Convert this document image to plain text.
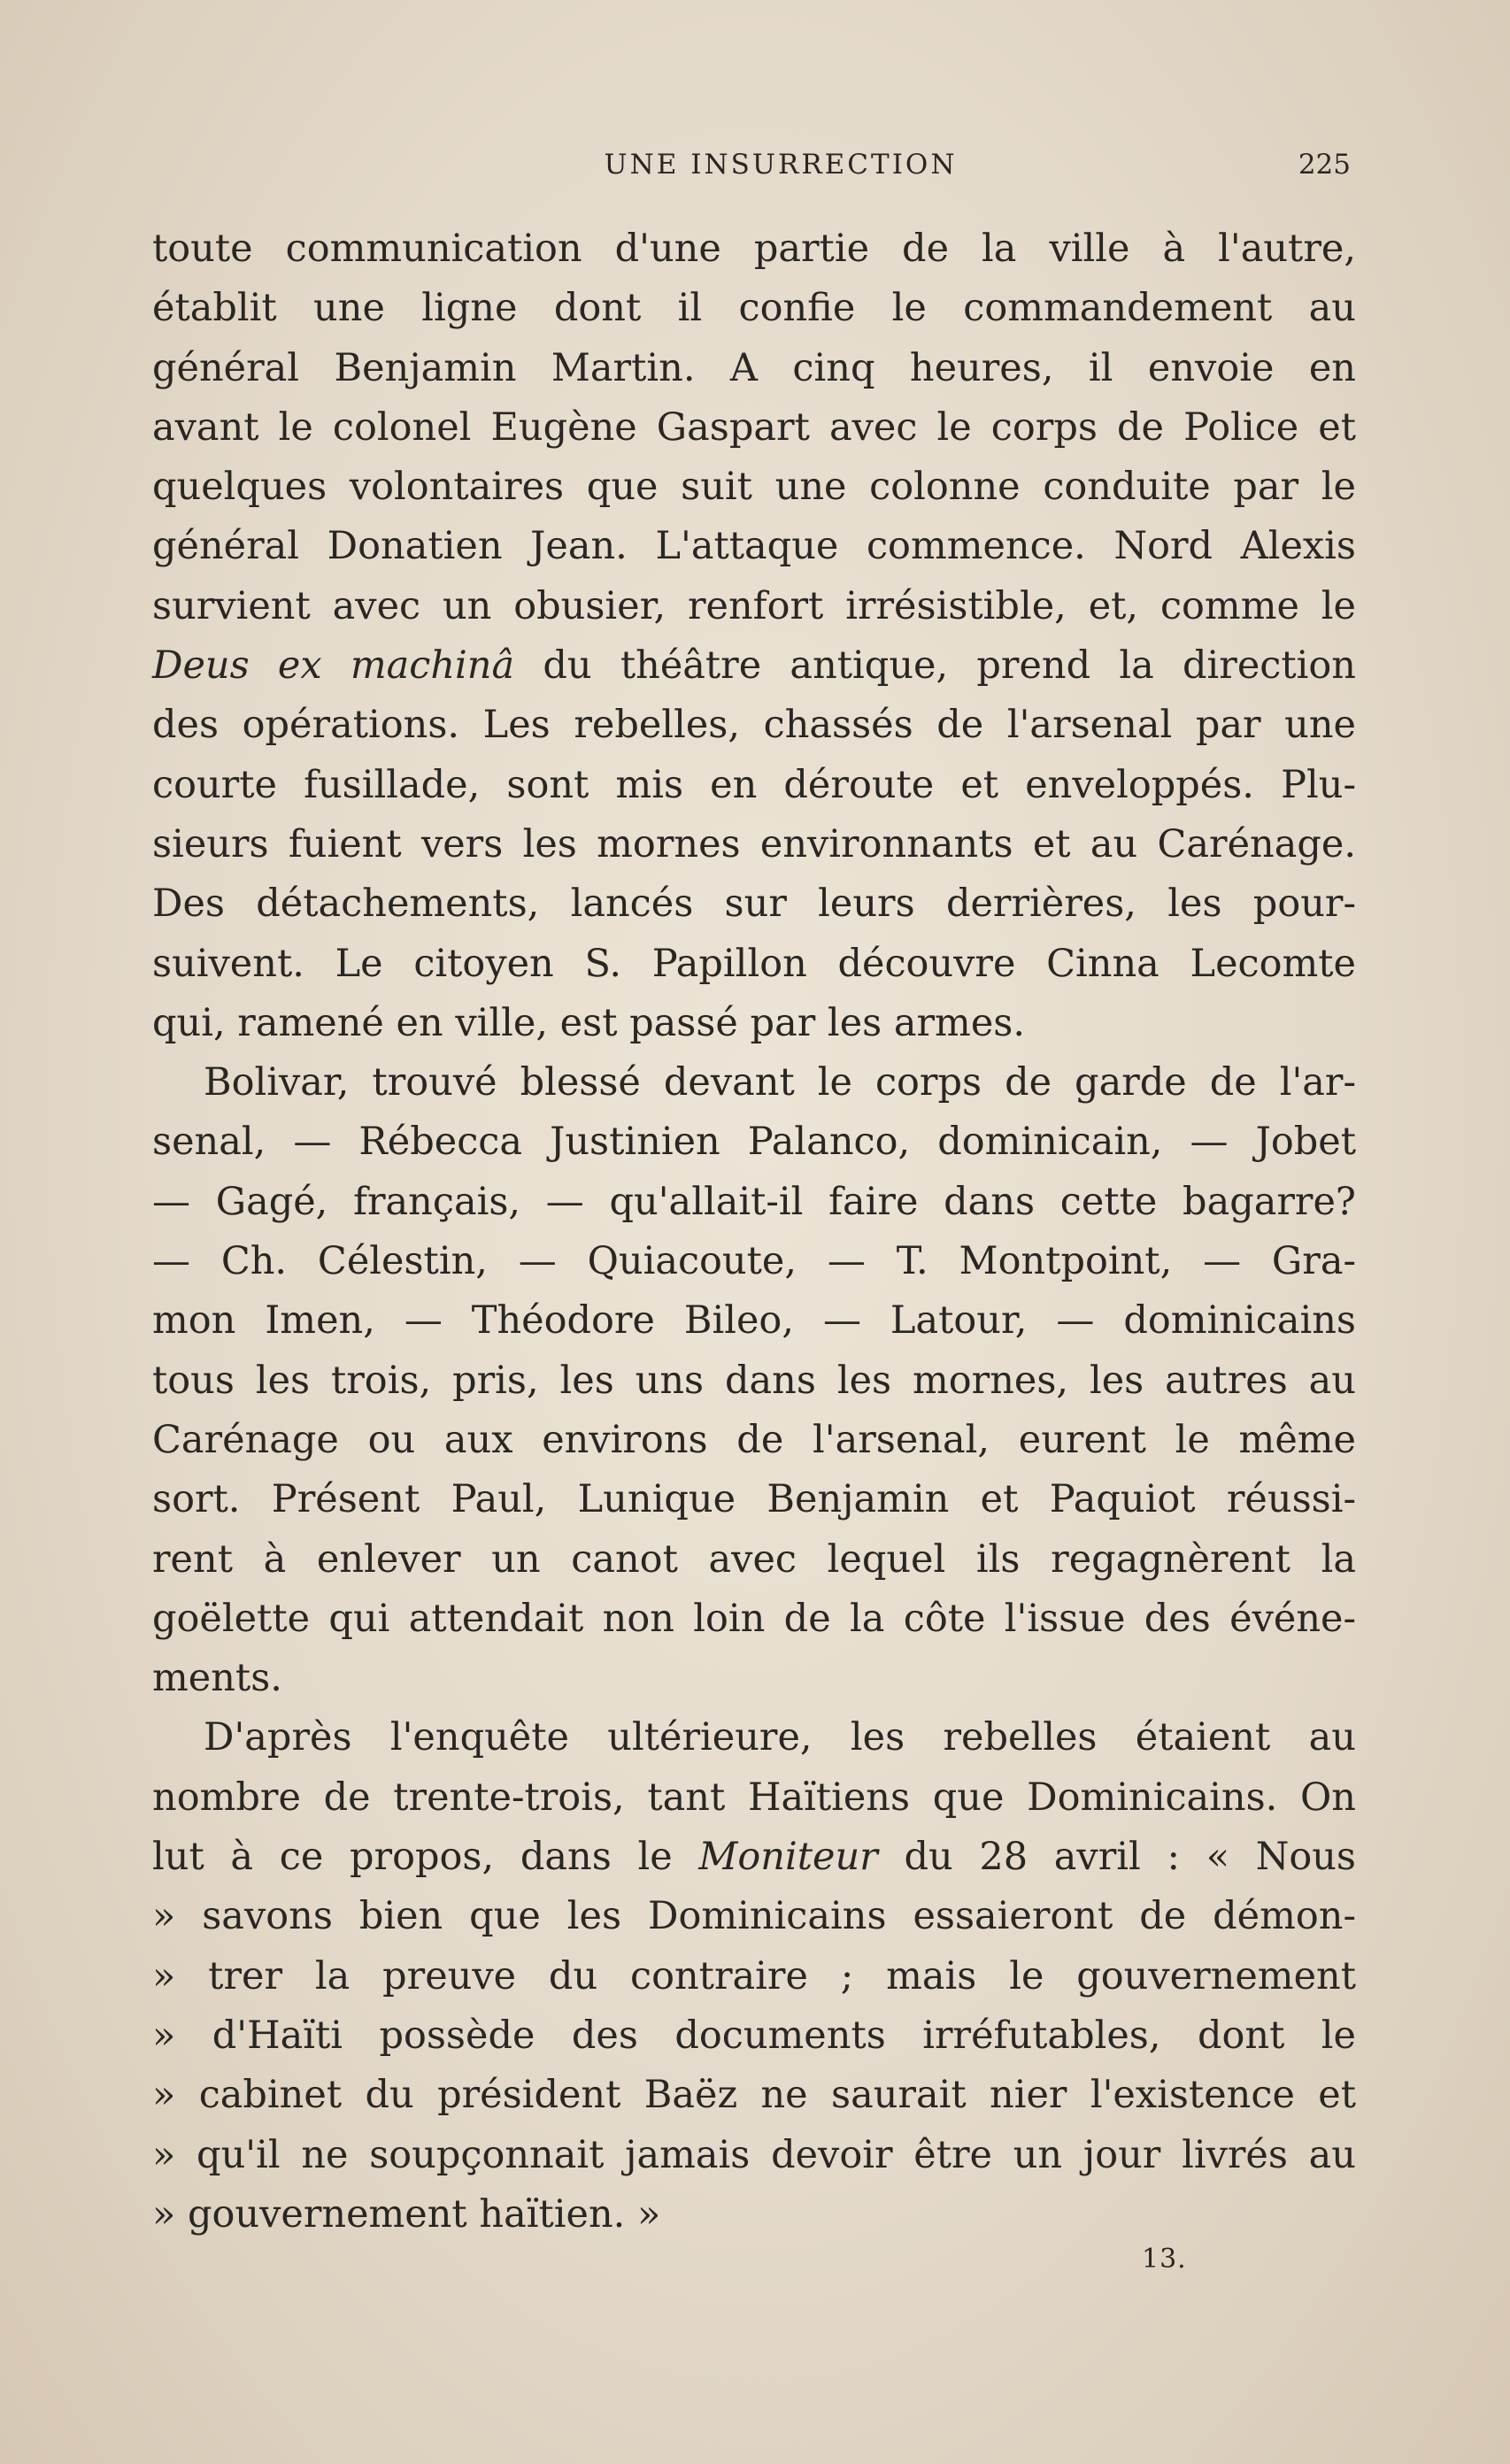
UNE INSURRECTION	225
toute communication d'une partie de la ville à l'autre,
établit une ligne dont il confie le commandement au
général Benjamin Martin. A cinq heures, il envoie en
avant le colonel Eugène Gaspart avec le corps de Police et
quelques volontaires que suit une colonne conduite par le
général Donatien Jean. L'attaque commence. Nord Alexis
survient avec un obusier, renfort irrésistible, et, comme le
Deus ex machinâ du théâtre antique, prend la direction
des opérations. Les rebelles, chassés de l'arsenal par une
courte fusillade, sont mis en déroute et enveloppés. Plu-
sieurs fuient vers les mornes environnants et au Carénage.
Des détachements, lancés sur leurs derrières, les pour-
suivent. Le citoyen S. Papillon découvre Cinna Lecomte
qui, ramené en ville, est passé par les armes.
Bolivar, trouvé blessé devant le corps de garde de l'ar-
senal, — Rébecca Justinien Palanco, dominicain, — Jobet
— Gagé, français, — qu'allait-il faire dans cette bagarre?
— Ch. Célestin, — Quiacoute, — T. Montpoint, — Gra-
mon Imen, — Théodore Bileo, — Latour, — dominicains
tous les trois, pris, les uns dans les mornes, les autres au
Carénage ou aux environs de l'arsenal, eurent le même
sort. Présent Paul, Lunique Benjamin et Paquiot réussi-
rent à enlever un canot avec lequel ils regagnèrent la
goëlette qui attendait non loin de la côte l'issue des événe-
ments.
D'après l'enquête ultérieure, les rebelles étaient au
nombre de trente-trois, tant Haïtiens que Dominicains. On
lut à ce propos, dans le Moniteur du 28 avril : « Nous
» savons bien que les Dominicains essaieront de démon-
» trer la preuve du contraire ; mais le gouvernement
» d'Haïti possède des documents irréfutables, dont le
» cabinet du président Baëz ne saurait nier l'existence et
» qu'il ne soupçonnait jamais devoir être un jour livrés au
» gouvernement haïtien. »
13.
